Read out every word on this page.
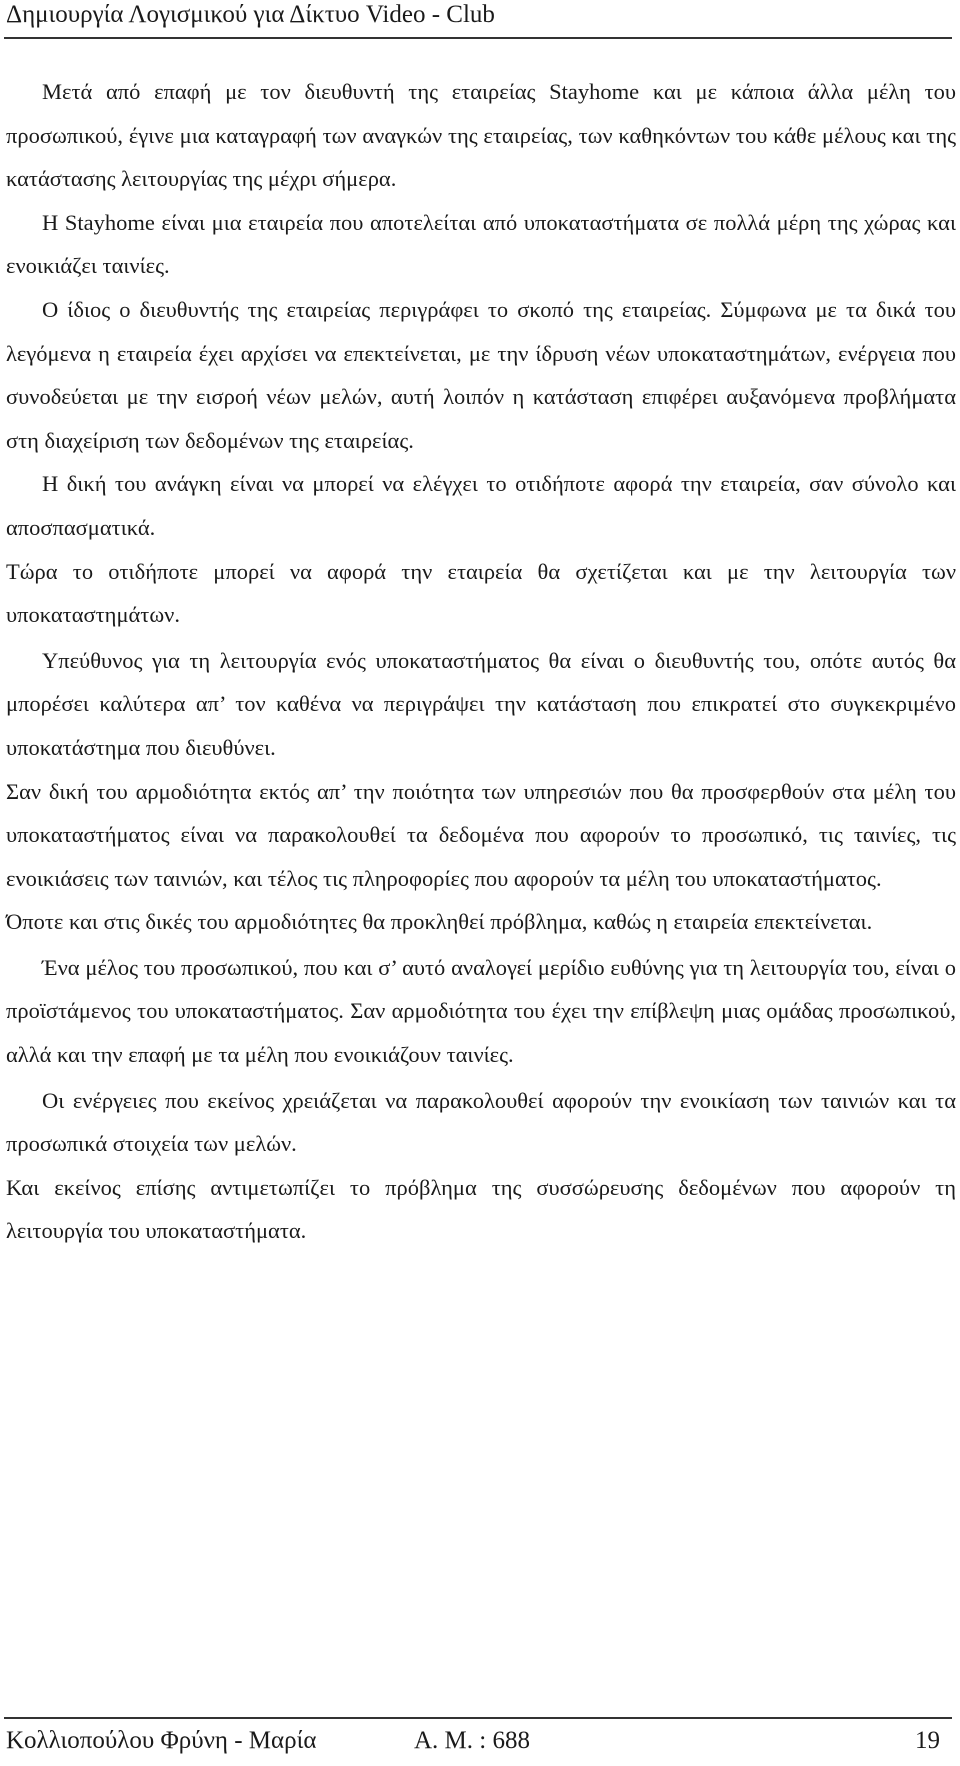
Δημιουργία Λογισμικού για Δίκτυο Video - Club

Μετά από επαφή με τον διευθυντή της εταιρείας Stayhome και με κάποια άλλα μέλη του προσωπικού, έγινε μια καταγραφή των αναγκών της εταιρείας, των καθηκόντων του κάθε μέλους και της κατάστασης λειτουργίας της μέχρι σήμερα.

Η Stayhome είναι μια εταιρεία που αποτελείται από υποκαταστήματα σε πολλά μέρη της χώρας και ενοικιάζει ταινίες.

Ο ίδιος ο διευθυντής της εταιρείας περιγράφει το σκοπό της εταιρείας. Σύμφωνα με τα δικά του λεγόμενα η εταιρεία έχει αρχίσει να επεκτείνεται, με την ίδρυση νέων υποκαταστημάτων, ενέργεια που συνοδεύεται με την εισροή νέων μελών, αυτή λοιπόν η κατάσταση επιφέρει αυξανόμενα προβλήματα στη διαχείριση των δεδομένων της εταιρείας.

Η δική του ανάγκη είναι να μπορεί να ελέγχει το οτιδήποτε αφορά την εταιρεία, σαν σύνολο και αποσπασματικά.

Τώρα το οτιδήποτε μπορεί να αφορά την εταιρεία θα σχετίζεται και με την λειτουργία των υποκαταστημάτων.

Υπεύθυνος για τη λειτουργία ενός υποκαταστήματος θα είναι ο διευθυντής του, οπότε αυτός θα μπορέσει καλύτερα απ’ τον καθένα να περιγράψει την κατάσταση που επικρατεί στο συγκεκριμένο υποκατάστημα που διευθύνει.

Σαν δική του αρμοδιότητα εκτός απ’ την ποιότητα των υπηρεσιών που θα προσφερθούν στα μέλη του υποκαταστήματος είναι να παρακολουθεί τα δεδομένα που αφορούν το προσωπικό, τις ταινίες, τις ενοικιάσεις των ταινιών, και τέλος τις πληροφορίες που αφορούν τα μέλη του υποκαταστήματος.

Όποτε και στις δικές του αρμοδιότητες θα προκληθεί πρόβλημα, καθώς η εταιρεία επεκτείνεται.

Ένα μέλος του προσωπικού, που και σ’ αυτό αναλογεί μερίδιο ευθύνης για τη λειτουργία του, είναι ο προϊστάμενος του υποκαταστήματος. Σαν αρμοδιότητα του έχει την επίβλεψη μιας ομάδας προσωπικού, αλλά και την επαφή με τα μέλη που ενοικιάζουν ταινίες.

Οι ενέργειες που εκείνος χρειάζεται να παρακολουθεί αφορούν την ενοικίαση των ταινιών και τα προσωπικά στοιχεία των μελών.

Και εκείνος επίσης αντιμετωπίζει το πρόβλημα της συσσώρευσης δεδομένων που αφορούν τη λειτουργία του υποκαταστήματα.

Κολλιοπούλου Φρύνη - Μαρία	Α. Μ. : 688	19
